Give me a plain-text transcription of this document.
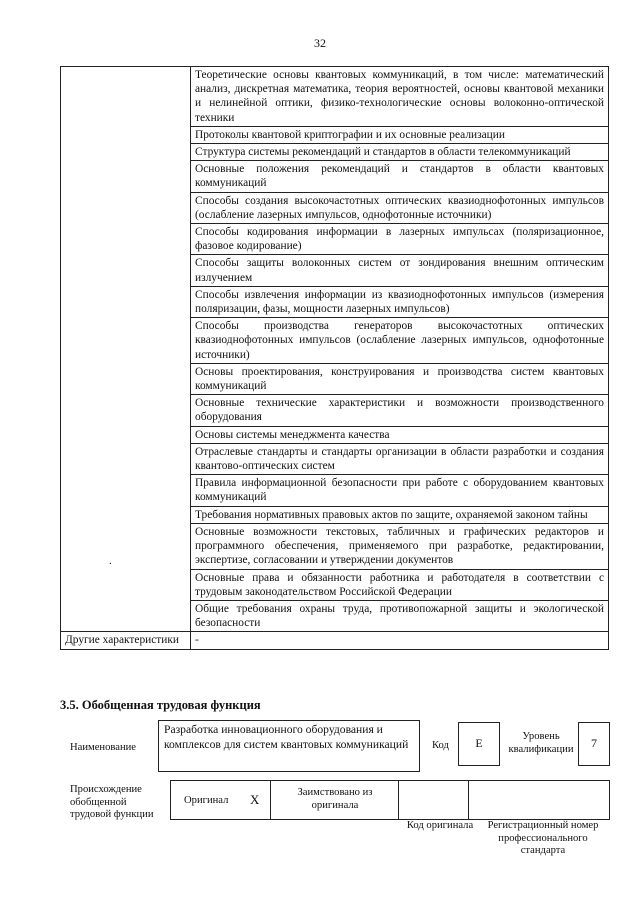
32
.	Теоретические основы квантовых коммуникаций, в том числе: математический анализ, дискретная математика, теория вероятностей, основы квантовой механики и нелинейной оптики, физико-технологические основы волоконно-оптической техники
	Протоколы квантовой криптографии и их основные реализации
	Структура системы рекомендаций и стандартов в области телекоммуникаций
	Основные положения рекомендаций и стандартов в области квантовых коммуникаций
	Способы создания высокочастотных оптических квазиоднофотонных импульсов (ослабление лазерных импульсов, однофотонные источники)
	Способы кодирования информации в лазерных импульсах (поляризационное, фазовое кодирование)
	Способы защиты волоконных систем от зондирования внешним оптическим излучением
	Способы извлечения информации из квазиоднофотонных импульсов (измерения поляризации, фазы, мощности лазерных импульсов)
	Способы производства генераторов высокочастотных оптических квазиоднофотонных импульсов (ослабление лазерных импульсов, однофотонные источники)
	Основы проектирования, конструирования и производства систем квантовых коммуникаций
	Основные технические характеристики и возможности производственного оборудования
	Основы системы менеджмента качества
	Отраслевые стандарты и стандарты организации в области разработки и создания квантово-оптических систем
	Правила информационной безопасности при работе с оборудованием квантовых коммуникаций
	Требования нормативных правовых актов по защите, охраняемой законом тайны
	Основные возможности текстовых, табличных и графических редакторов и программного обеспечения, применяемого при разработке, редактировании, экспертизе, согласовании и утверждении документов
	Основные права и обязанности работника и работодателя в соответствии с трудовым законодательством Российской Федерации
	Общие требования охраны труда, противопожарной защиты и экологической безопасности
Другие характеристики	-
3.5. Обобщенная трудовая функция
Наименование
Разработка инновационного оборудования и комплексов для систем квантовых коммуникаций	Код	E	Уровень квалификации	7
Происхождение обобщенной трудовой функции
Оригинал X	Заимствовано из оригинала
Код оригинала	Регистрационный номер профессионального стандарта
